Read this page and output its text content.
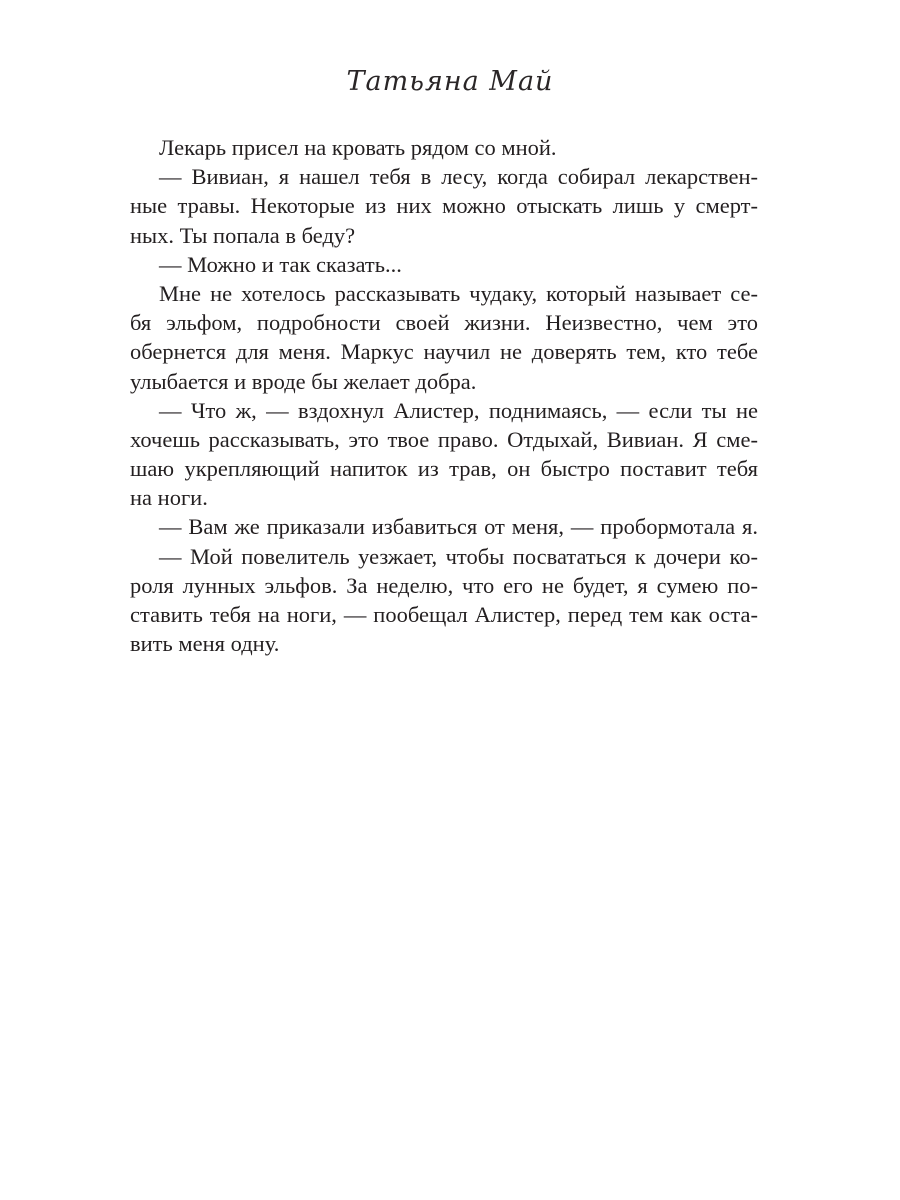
Татьяна Май
Лекарь присел на кровать рядом со мной.
— Вивиан, я нашел тебя в лесу, когда собирал лекарствен-
ные травы. Некоторые из них можно отыскать лишь у смерт-
ных. Ты попала в беду?
— Можно и так сказать...
Мне не хотелось рассказывать чудаку, который называет се-
бя эльфом, подробности своей жизни. Неизвестно, чем это
обернется для меня. Маркус научил не доверять тем, кто тебе
улыбается и вроде бы желает добра.
— Что ж, — вздохнул Алистер, поднимаясь, — если ты не
хочешь рассказывать, это твое право. Отдыхай, Вивиан. Я сме-
шаю укрепляющий напиток из трав, он быстро поставит тебя
на ноги.
— Вам же приказали избавиться от меня, — пробормотала я.
— Мой повелитель уезжает, чтобы посвататься к дочери ко-
роля лунных эльфов. За неделю, что его не будет, я сумею по-
ставить тебя на ноги, — пообещал Алистер, перед тем как оста-
вить меня одну.
